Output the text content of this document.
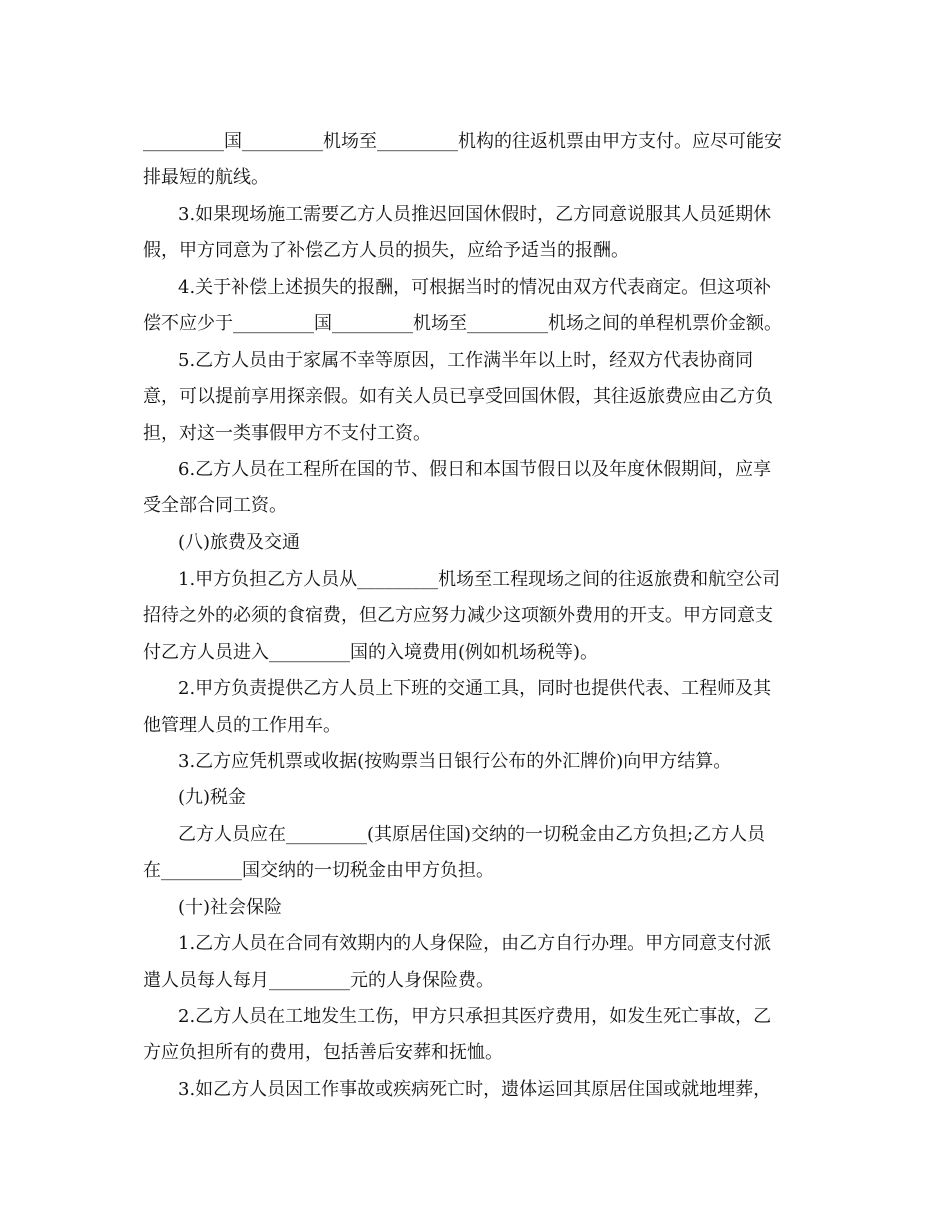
_________国_________机场至_________机构的往返机票由甲方支付。应尽可能安
排最短的航线。
3.如果现场施工需要乙方人员推迟回国休假时，乙方同意说服其人员延期休
假，甲方同意为了补偿乙方人员的损失，应给予适当的报酬。
4.关于补偿上述损失的报酬，可根据当时的情况由双方代表商定。但这项补
偿不应少于_________国_________机场至_________机场之间的单程机票价金额。
5.乙方人员由于家属不幸等原因，工作满半年以上时，经双方代表协商同
意，可以提前享用探亲假。如有关人员已享受回国休假，其往返旅费应由乙方负
担，对这一类事假甲方不支付工资。
6.乙方人员在工程所在国的节、假日和本国节假日以及年度休假期间，应享
受全部合同工资。
(八)旅费及交通
1.甲方负担乙方人员从_________机场至工程现场之间的往返旅费和航空公司
招待之外的必须的食宿费，但乙方应努力减少这项额外费用的开支。甲方同意支
付乙方人员进入_________国的入境费用(例如机场税等)。
2.甲方负责提供乙方人员上下班的交通工具，同时也提供代表、工程师及其
他管理人员的工作用车。
3.乙方应凭机票或收据(按购票当日银行公布的外汇牌价)向甲方结算。
(九)税金
乙方人员应在_________(其原居住国)交纳的一切税金由乙方负担;乙方人员
在_________国交纳的一切税金由甲方负担。
(十)社会保险
1.乙方人员在合同有效期内的人身保险，由乙方自行办理。甲方同意支付派
遣人员每人每月_________元的人身保险费。
2.乙方人员在工地发生工伤，甲方只承担其医疗费用，如发生死亡事故，乙
方应负担所有的费用，包括善后安葬和抚恤。
3.如乙方人员因工作事故或疾病死亡时，遗体运回其原居住国或就地埋葬，
